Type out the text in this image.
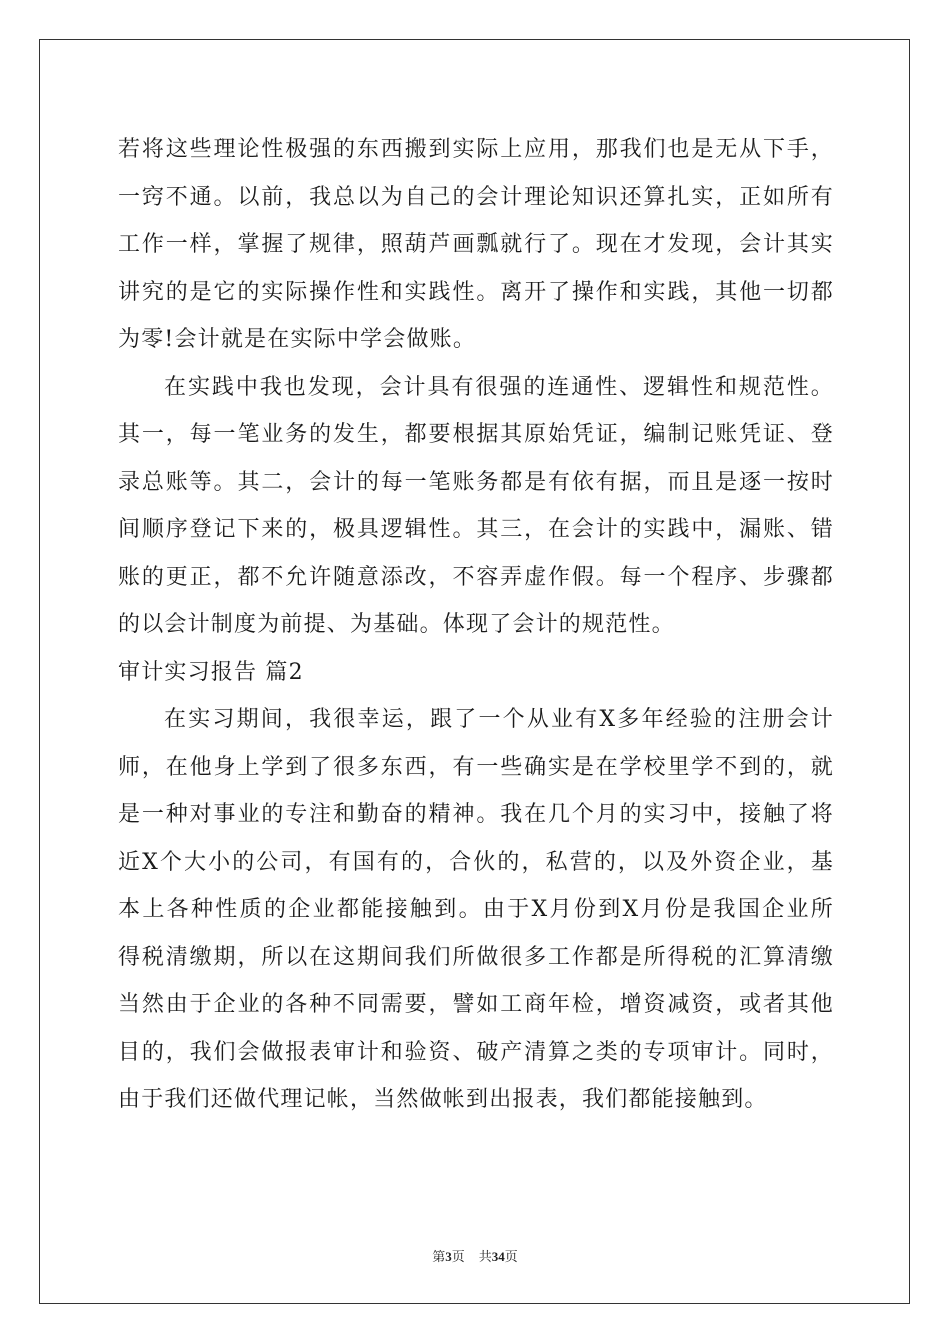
若将这些理论性极强的东西搬到实际上应用，那我们也是无从下手，
一窍不通。以前，我总以为自己的会计理论知识还算扎实，正如所有
工作一样，掌握了规律，照葫芦画瓢就行了。现在才发现，会计其实
讲究的是它的实际操作性和实践性。离开了操作和实践，其他一切都
为零!会计就是在实际中学会做账。
在实践中我也发现，会计具有很强的连通性、逻辑性和规范性。
其一，每一笔业务的发生，都要根据其原始凭证，编制记账凭证、登
录总账等。其二，会计的每一笔账务都是有依有据，而且是逐一按时
间顺序登记下来的，极具逻辑性。其三，在会计的实践中，漏账、错
账的更正，都不允许随意添改，不容弄虚作假。每一个程序、步骤都
的以会计制度为前提、为基础。体现了会计的规范性。
审计实习报告 篇2
在实习期间，我很幸运，跟了一个从业有X多年经验的注册会计
师，在他身上学到了很多东西，有一些确实是在学校里学不到的，就
是一种对事业的专注和勤奋的精神。我在几个月的实习中，接触了将
近X个大小的公司，有国有的，合伙的，私营的，以及外资企业，基
本上各种性质的企业都能接触到。由于X月份到X月份是我国企业所
得税清缴期，所以在这期间我们所做很多工作都是所得税的汇算清缴
当然由于企业的各种不同需要，譬如工商年检，增资减资，或者其他
目的，我们会做报表审计和验资、破产清算之类的专项审计。同时，
由于我们还做代理记帐，当然做帐到出报表，我们都能接触到。
第3页 共34页
